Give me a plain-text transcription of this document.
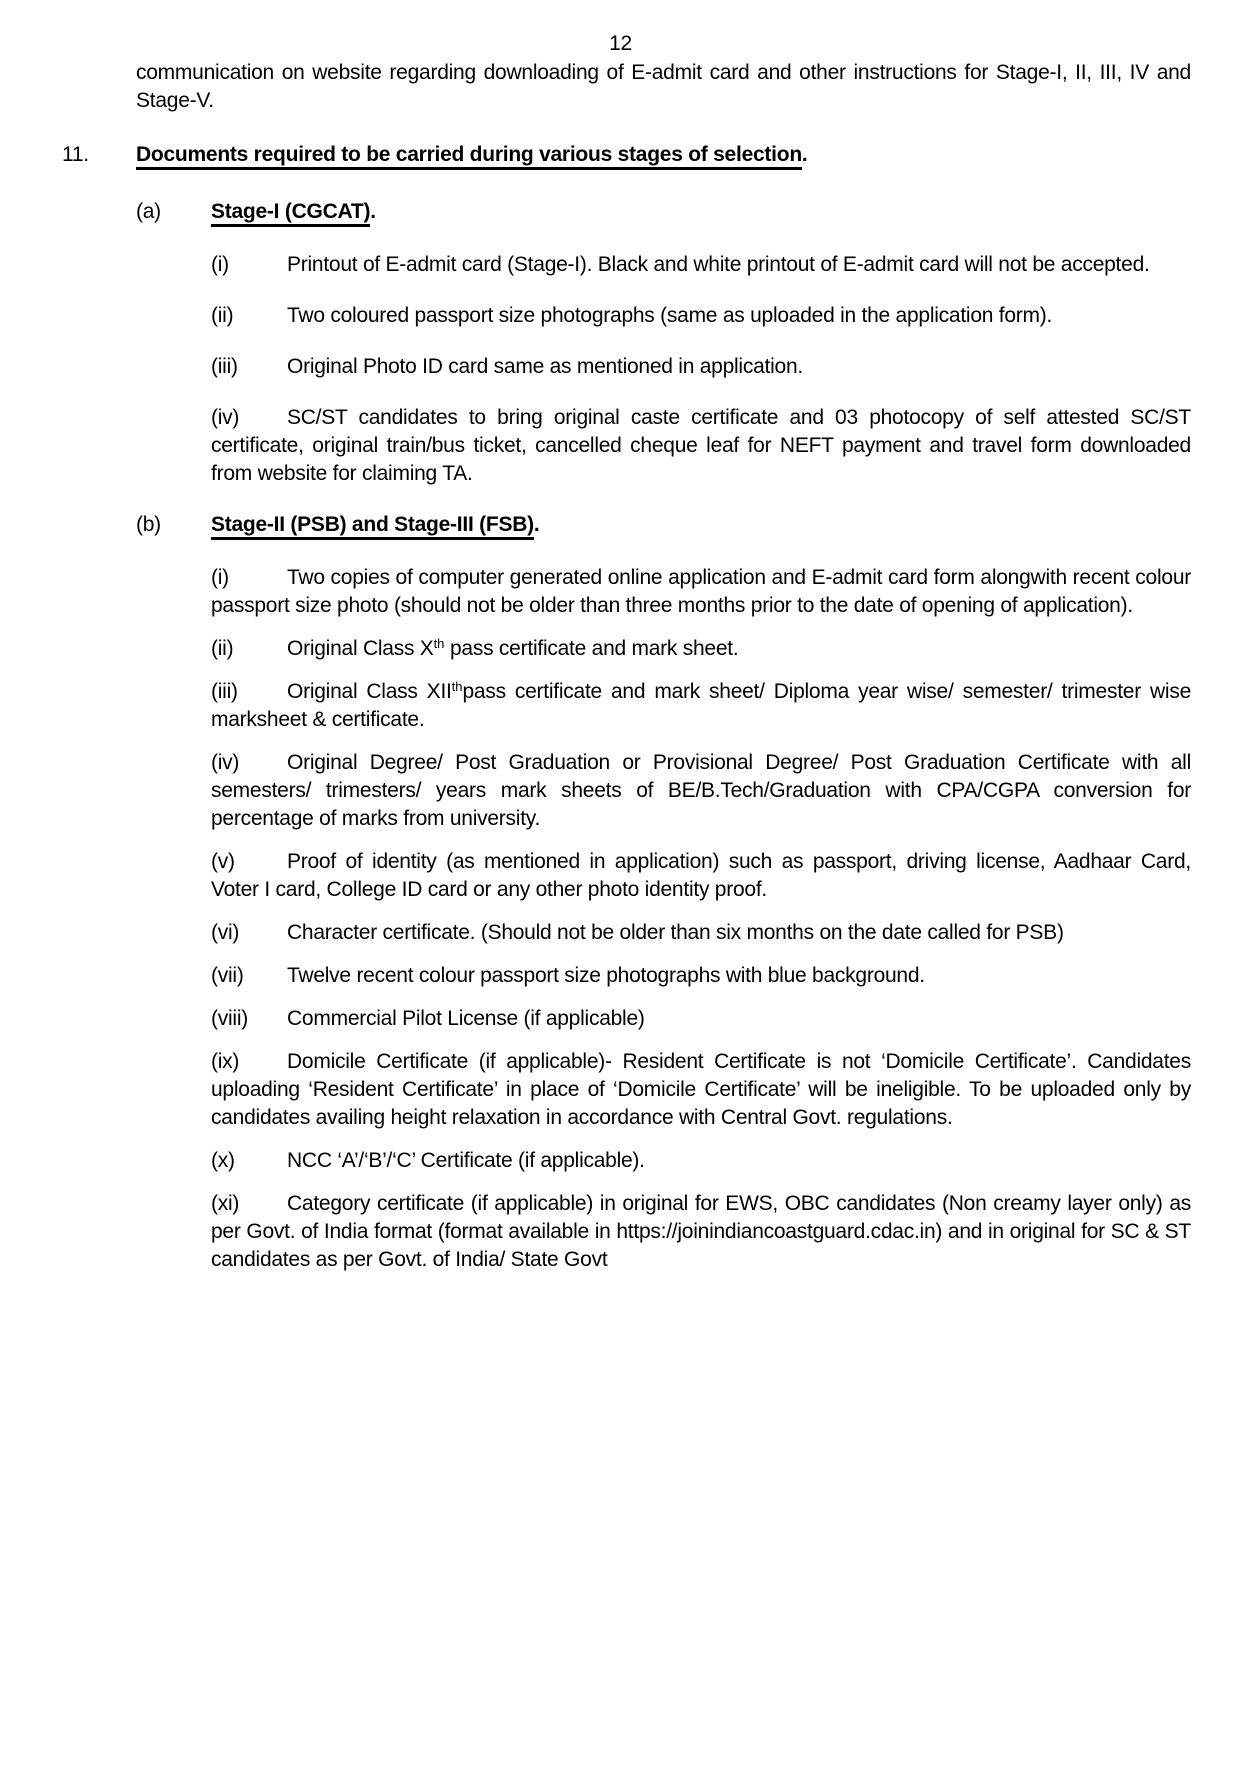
12

communication on website regarding downloading of E-admit card and other instructions for Stage-I, II, III, IV and Stage-V.

11. Documents required to be carried during various stages of selection.

(a) Stage-I (CGCAT).

(i)	Printout of E-admit card (Stage-I). Black and white printout of E-admit card will not be accepted.

(ii)	Two coloured passport size photographs (same as uploaded in the application form).

(iii) Original Photo ID card same as mentioned in application.

(iv) SC/ST candidates to bring original caste certificate and 03 photocopy of self attested SC/ST certificate, original train/bus ticket, cancelled cheque leaf for NEFT payment and travel form downloaded from website for claiming TA.

(b) Stage-II (PSB) and Stage-III (FSB).

(i)	Two copies of computer generated online application and E-admit card form alongwith recent colour passport size photo (should not be older than three months prior to the date of opening of application).

(ii)	Original Class Xth pass certificate and mark sheet.

(iii) Original Class XIIthpass certificate and mark sheet/ Diploma year wise/ semester/ trimester wise marksheet & certificate.

(iv) Original Degree/ Post Graduation or Provisional Degree/ Post Graduation Certificate with all semesters/ trimesters/ years mark sheets of BE/B.Tech/Graduation with CPA/CGPA conversion for percentage of marks from university.

(v) Proof of identity (as mentioned in application) such as passport, driving license, Aadhaar Card, Voter I card, College ID card or any other photo identity proof.

(vi) Character certificate. (Should not be older than six months on the date called for PSB)

(vii) Twelve recent colour passport size photographs with blue background.

(viii) Commercial Pilot License (if applicable)

(ix) Domicile Certificate (if applicable)- Resident Certificate is not ‘Domicile Certificate’. Candidates uploading ‘Resident Certificate’ in place of ‘Domicile Certificate’ will be ineligible. To be uploaded only by candidates availing height relaxation in accordance with Central Govt. regulations.

(x) NCC ‘A’/‘B’/‘C’ Certificate (if applicable).

(xi) Category certificate (if applicable) in original for EWS, OBC candidates (Non creamy layer only) as per Govt. of India format (format available in https://joinindiancoastguard.cdac.in) and in original for SC & ST candidates as per Govt. of India/ State Govt
